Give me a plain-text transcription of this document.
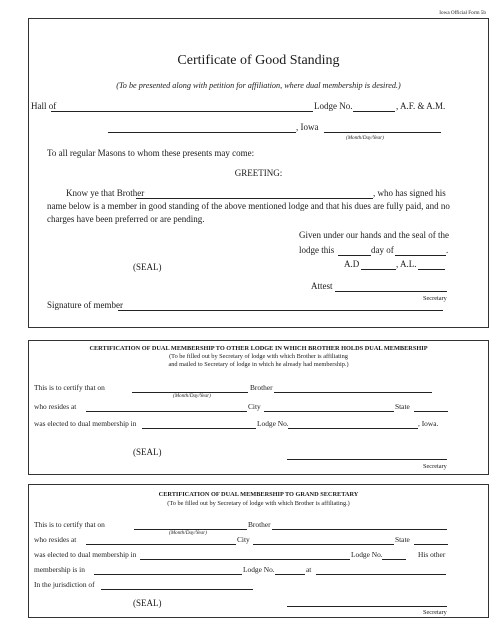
Iowa Official Form 5b
Certificate of Good Standing
(To be presented along with petition for affiliation, where dual membership is desired.)
Hall of	Lodge No.	, A.F. & A.M.
, Iowa
(Month/Day/Year)
To all regular Masons to whom these presents may come:
GREETING:
Know ye that Brother	, who has signed his
name below is a member in good standing of the above mentioned lodge and that his dues are fully paid, and no
charges have been preferred or are pending.
Given under our hands and the seal of the
lodge this	day of	.
A.D	, A.L.
(SEAL)
Attest
Secretary
Signature of member
CERTIFICATION OF DUAL MEMBERSHIP TO OTHER LODGE IN WHICH BROTHER HOLDS DUAL MEMBERSHIP
(To be filled out by Secretary of lodge with which Brother is affiliating
and mailed to Secretary of lodge in which he already had membership.)
This is to certify that on
(Month/Day/Year)
Brother
who resides at	City	State
was elected to dual membership in	Lodge No.	, Iowa.
(SEAL)
Secretary
CERTIFICATION OF DUAL MEMBERSHIP TO GRAND SECRETARY
(To be filled out by Secretary of lodge with which Brother is affiliating.)
This is to certify that on
(Month/Day/Year)
Brother
who resides at	City	State
was elected to dual membership in	Lodge No.	His other
membership is in	Lodge No.	at
In the jurisdiction of
(SEAL)
Secretary
